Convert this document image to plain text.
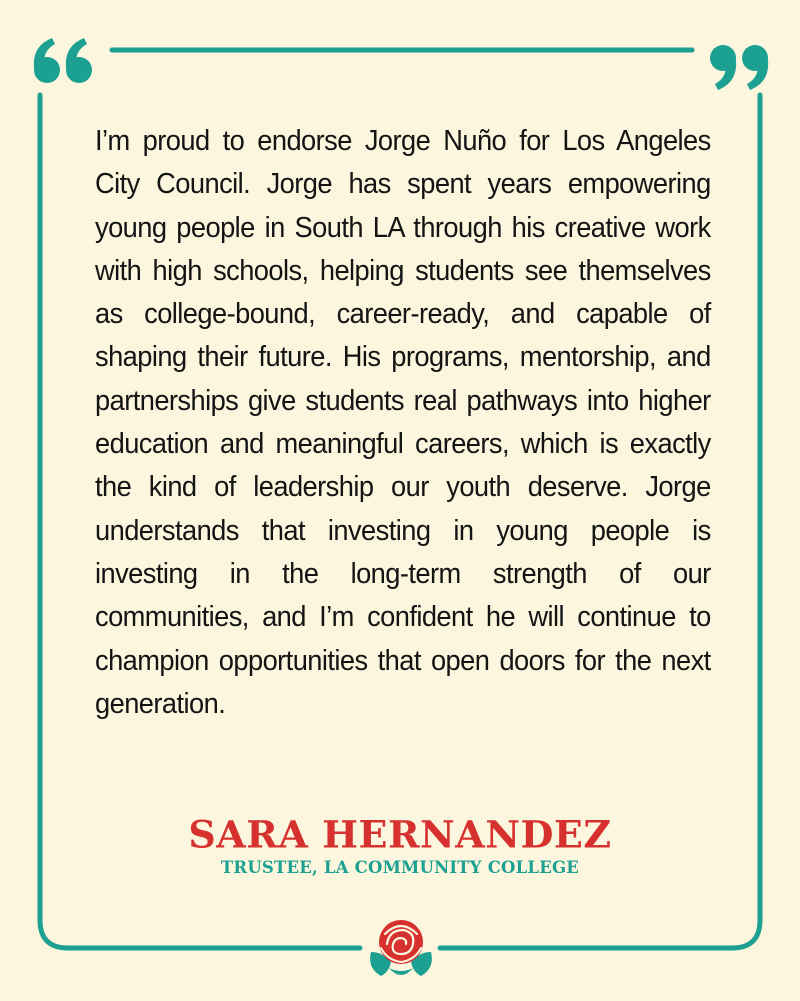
I’m proud to endorse Jorge Nuño for Los Angeles City Council. Jorge has spent years empowering young people in South LA through his creative work with high schools, helping students see themselves as college-bound, career-ready, and capable of shaping their future. His programs, mentorship, and partnerships give students real pathways into higher education and meaningful careers, which is exactly the kind of leadership our youth deserve. Jorge understands that investing in young people is investing in the long-term strength of our communities, and I’m confident he will continue to champion opportunities that open doors for the next generation.
SARA HERNANDEZ
TRUSTEE, LA COMMUNITY COLLEGE
